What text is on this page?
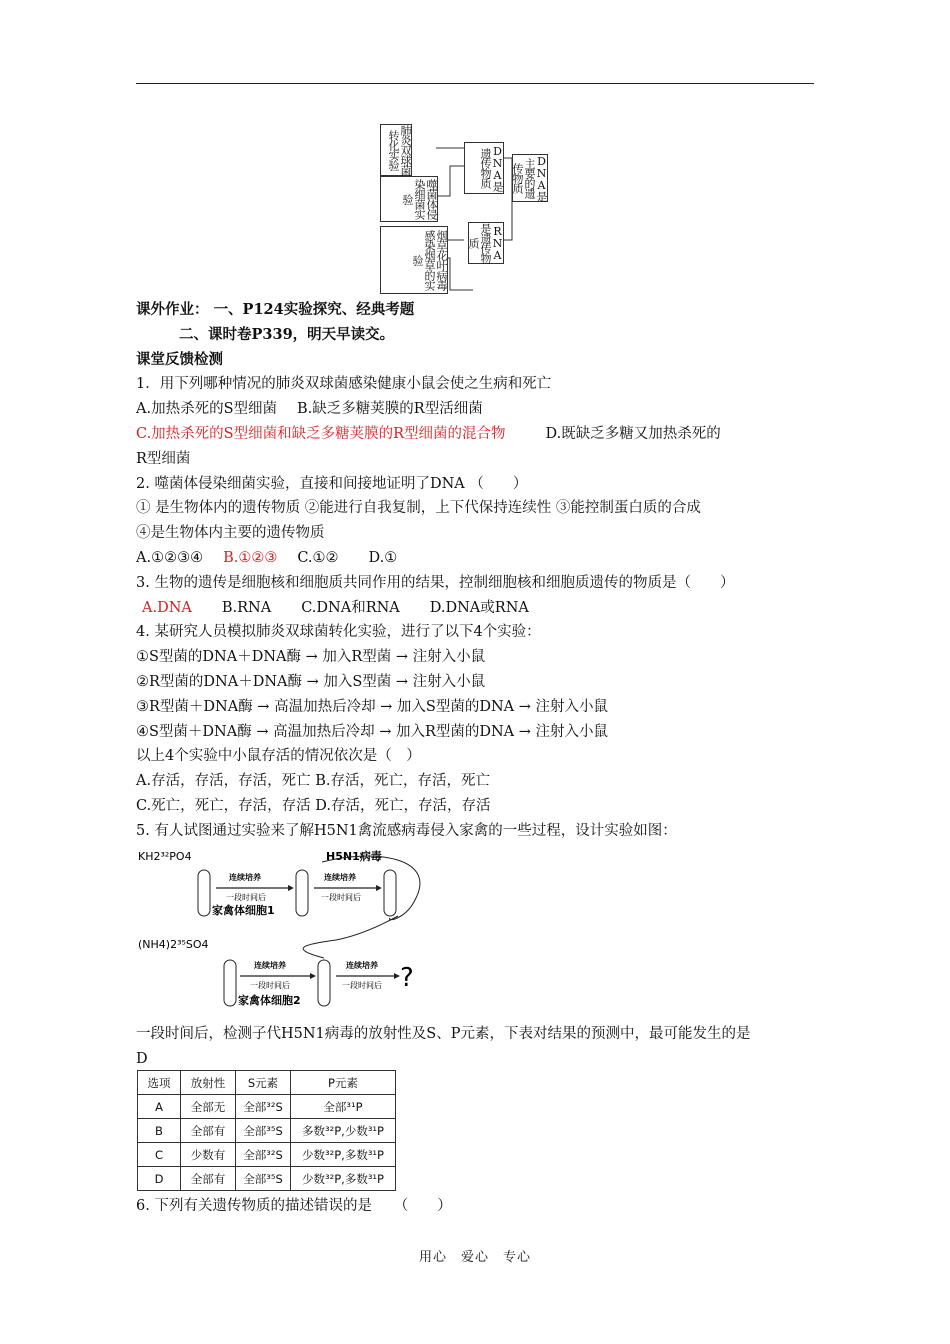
肺炎双球菌转化实验
噬菌体侵染细菌实验
烟草花叶病毒感染烟草的实验
DNA是遗传物质
RNA是遗传物质
DNA是主要的遗传物质
课外作业： 一、P124实验探究、经典考题
二、课时卷P339，明天早读交。
课堂反馈检测
1．用下列哪种情况的肺炎双球菌感染健康小鼠会使之生病和死亡
A.加热杀死的S型细菌 B.缺乏多糖荚膜的R型活细菌
C.加热杀死的S型细菌和缺乏多糖荚膜的R型细菌的混合物	D.既缺乏多糖又加热杀死的
R型细菌
2. 噬菌体侵染细菌实验，直接和间接地证明了DNA （　　）
① 是生物体内的遗传物质 ②能进行自我复制，上下代保持连续性 ③能控制蛋白质的合成
④是生物体内主要的遗传物质
A.①②③④ B.①②③ C.①② D.①
3. 生物的遗传是细胞核和细胞质共同作用的结果，控制细胞核和细胞质遗传的物质是（　　）
A.DNA B.RNA C.DNA和RNA D.DNA或RNA
4. 某研究人员模拟肺炎双球菌转化实验，进行了以下4个实验：
①S型菌的DNA＋DNA酶 → 加入R型菌 → 注射入小鼠
②R型菌的DNA＋DNA酶 → 加入S型菌 → 注射入小鼠
③R型菌＋DNA酶 → 高温加热后冷却 → 加入S型菌的DNA → 注射入小鼠
④S型菌＋DNA酶 → 高温加热后冷却 → 加入R型菌的DNA → 注射入小鼠
以上4个实验中小鼠存活的情况依次是（　）
A.存活，存活，存活，死亡 B.存活，死亡，存活，死亡
C.死亡，死亡，存活，存活 D.存活，死亡，存活，存活
5. 有人试图通过实验来了解H5N1禽流感病毒侵入家禽的一些过程，设计实验如图：
KH2³²PO4	H5N1病毒
连续培养
一段时间后
连续培养
一段时间后
家禽体细胞1
(NH4)2³⁵SO4
连续培养
一段时间后
连续培养
一段时间后 ?
家禽体细胞2
一段时间后，检测子代H5N1病毒的放射性及S、P元素，下表对结果的预测中，最可能发生的是
D
选项	放射性	S元素	P元素
A	全部无	全部³²S	全部³¹P
B	全部有	全部³⁵S	多数³²P,少数³¹P
C	少数有	全部³²S	少数³²P,多数³¹P
D	全部有	全部³⁵S	少数³²P,多数³¹P
6. 下列有关遗传物质的描述错误的是　　（　　）
用心　爱心　专心
